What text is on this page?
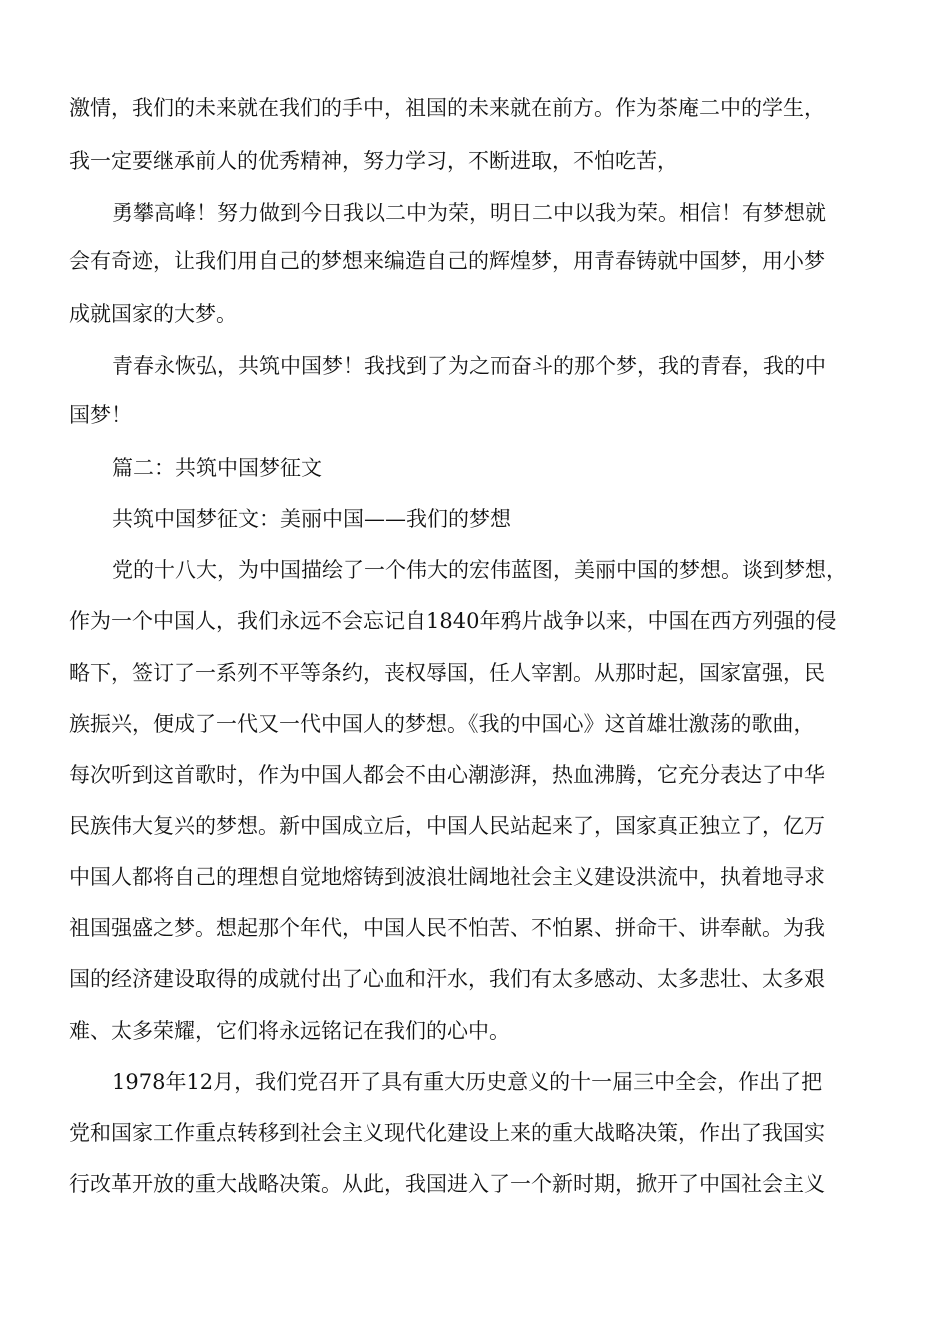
激情，我们的未来就在我们的手中，祖国的未来就在前方。作为茶庵二中的学生，
我一定要继承前人的优秀精神，努力学习，不断进取，不怕吃苦，
勇攀高峰！努力做到今日我以二中为荣，明日二中以我为荣。相信！有梦想就
会有奇迹，让我们用自己的梦想来编造自己的辉煌梦，用青春铸就中国梦，用小梦
成就国家的大梦。
青春永恢弘，共筑中国梦！我找到了为之而奋斗的那个梦，我的青春，我的中
国梦！
篇二：共筑中国梦征文
共筑中国梦征文：美丽中国——我们的梦想
党的十八大，为中国描绘了一个伟大的宏伟蓝图，美丽中国的梦想。谈到梦想，
作为一个中国人，我们永远不会忘记自1840年鸦片战争以来，中国在西方列强的侵
略下，签订了一系列不平等条约，丧权辱国，任人宰割。从那时起，国家富强，民
族振兴，便成了一代又一代中国人的梦想。《我的中国心》这首雄壮激荡的歌曲，
每次听到这首歌时，作为中国人都会不由心潮澎湃，热血沸腾，它充分表达了中华
民族伟大复兴的梦想。新中国成立后，中国人民站起来了，国家真正独立了，亿万
中国人都将自己的理想自觉地熔铸到波浪壮阔地社会主义建设洪流中，执着地寻求
祖国强盛之梦。想起那个年代，中国人民不怕苦、不怕累、拼命干、讲奉献。为我
国的经济建设取得的成就付出了心血和汗水，我们有太多感动、太多悲壮、太多艰
难、太多荣耀，它们将永远铭记在我们的心中。
1978年12月，我们党召开了具有重大历史意义的十一届三中全会，作出了把
党和国家工作重点转移到社会主义现代化建设上来的重大战略决策，作出了我国实
行改革开放的重大战略决策。从此，我国进入了一个新时期，掀开了中国社会主义
